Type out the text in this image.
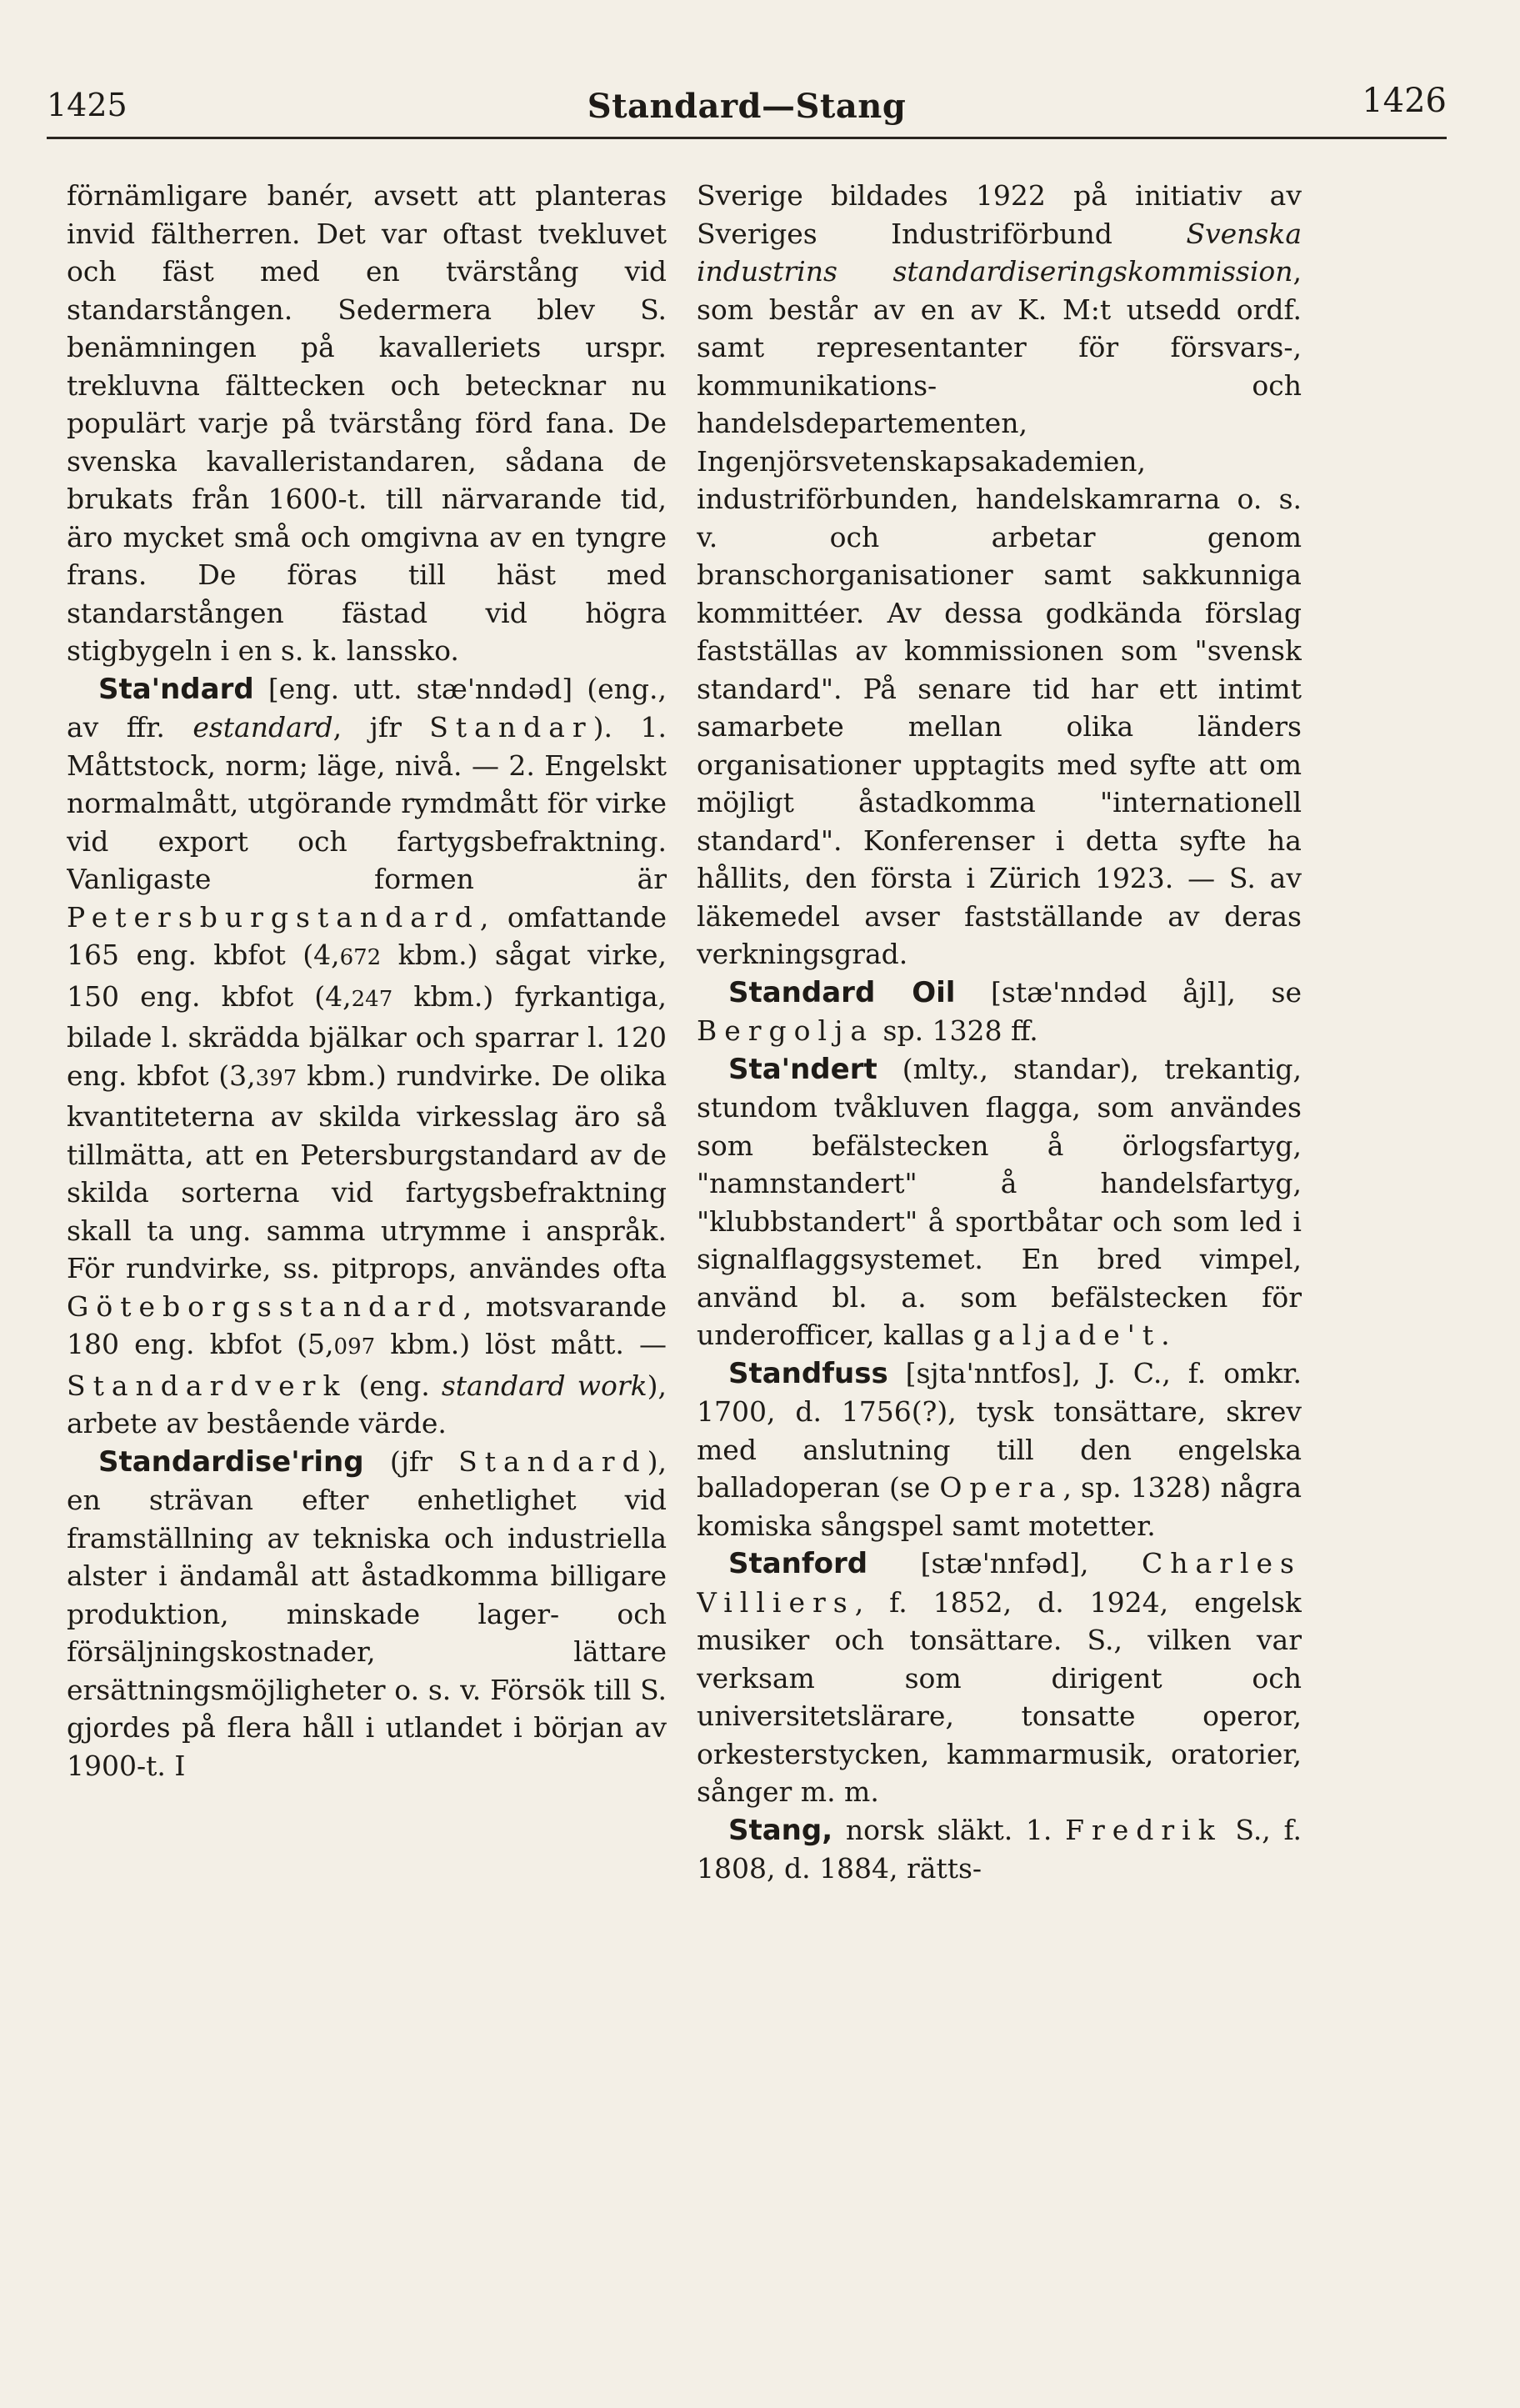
1425	Standard—Stang	1426

förnämligare banér, avsett att planteras invid fältherren. Det var oftast tvekluvet och fäst med en tvärstång vid standarstången. Sedermera blev S. benämningen på kavalleriets urspr. trekluvna fälttecken och betecknar nu populärt varje på tvärstång förd fana. De svenska kavalleristandaren, sådana de brukats från 1600-t. till närvarande tid, äro mycket små och omgivna av en tyngre frans. De föras till häst med standarstången fästad vid högra stigbygeln i en s. k. lanssko.

Sta'ndard [eng. utt. stæ'nndəd] (eng., av ffr. estandard, jfr Standar). 1. Måttstock, norm; läge, nivå. — 2. Engelskt normalmått, utgörande rymdmått för virke vid export och fartygsbefraktning. Vanligaste formen är Petersburgstandard, omfattande 165 eng. kbfot (4,672 kbm.) sågat virke, 150 eng. kbfot (4,247 kbm.) fyrkantiga, bilade l. skrädda bjälkar och sparrar l. 120 eng. kbfot (3,397 kbm.) rundvirke. De olika kvantiteterna av skilda virkesslag äro så tillmätta, att en Petersburgstandard av de skilda sorterna vid fartygsbefraktning skall ta ung. samma utrymme i anspråk. För rundvirke, ss. pitprops, användes ofta Göteborgsstandard, motsvarande 180 eng. kbfot (5,097 kbm.) löst mått. — Standardverk (eng. standard work), arbete av bestående värde.

Standardise'ring (jfr Standard), en strävan efter enhetlighet vid framställning av tekniska och industriella alster i ändamål att åstadkomma billigare produktion, minskade lager- och försäljningskostnader, lättare ersättningsmöjligheter o. s. v. Försök till S. gjordes på flera håll i utlandet i början av 1900-t. I

Sverige bildades 1922 på initiativ av Sveriges Industriförbund Svenska industrins standardiseringskommission, som består av en av K. M:t utsedd ordf. samt representanter för försvars-, kommunikations- och handelsdepartementen, Ingenjörsvetenskapsakademien, industriförbunden, handelskamrarna o. s. v. och arbetar genom branschorganisationer samt sakkunniga kommittéer. Av dessa godkända förslag fastställas av kommissionen som "svensk standard". På senare tid har ett intimt samarbete mellan olika länders organisationer upptagits med syfte att om möjligt åstadkomma "internationell standard". Konferenser i detta syfte ha hållits, den första i Zürich 1923. — S. av läkemedel avser fastställande av deras verkningsgrad.

Standard Oil [stæ'nndəd åjl], se Bergolja sp. 1328 ff.

Sta'ndert (mlty., standar), trekantig, stundom tvåkluven flagga, som användes som befälstecken å örlogsfartyg, "namnstandert" å handelsfartyg, "klubbstandert" å sportbåtar och som led i signalflaggsystemet. En bred vimpel, använd bl. a. som befälstecken för underofficer, kallas galjade't.

Standfuss [sjta'nntfos], J. C., f. omkr. 1700, d. 1756(?), tysk tonsättare, skrev med anslutning till den engelska balladoperan (se Opera, sp. 1328) några komiska sångspel samt motetter.

Stanford [stæ'nnfəd], Charles Villiers, f. 1852, d. 1924, engelsk musiker och tonsättare. S., vilken var verksam som dirigent och universitetslärare, tonsatte operor, orkesterstycken, kammarmusik, oratorier, sånger m. m.

Stang, norsk släkt. 1. Fredrik S., f. 1808, d. 1884, rätts-
